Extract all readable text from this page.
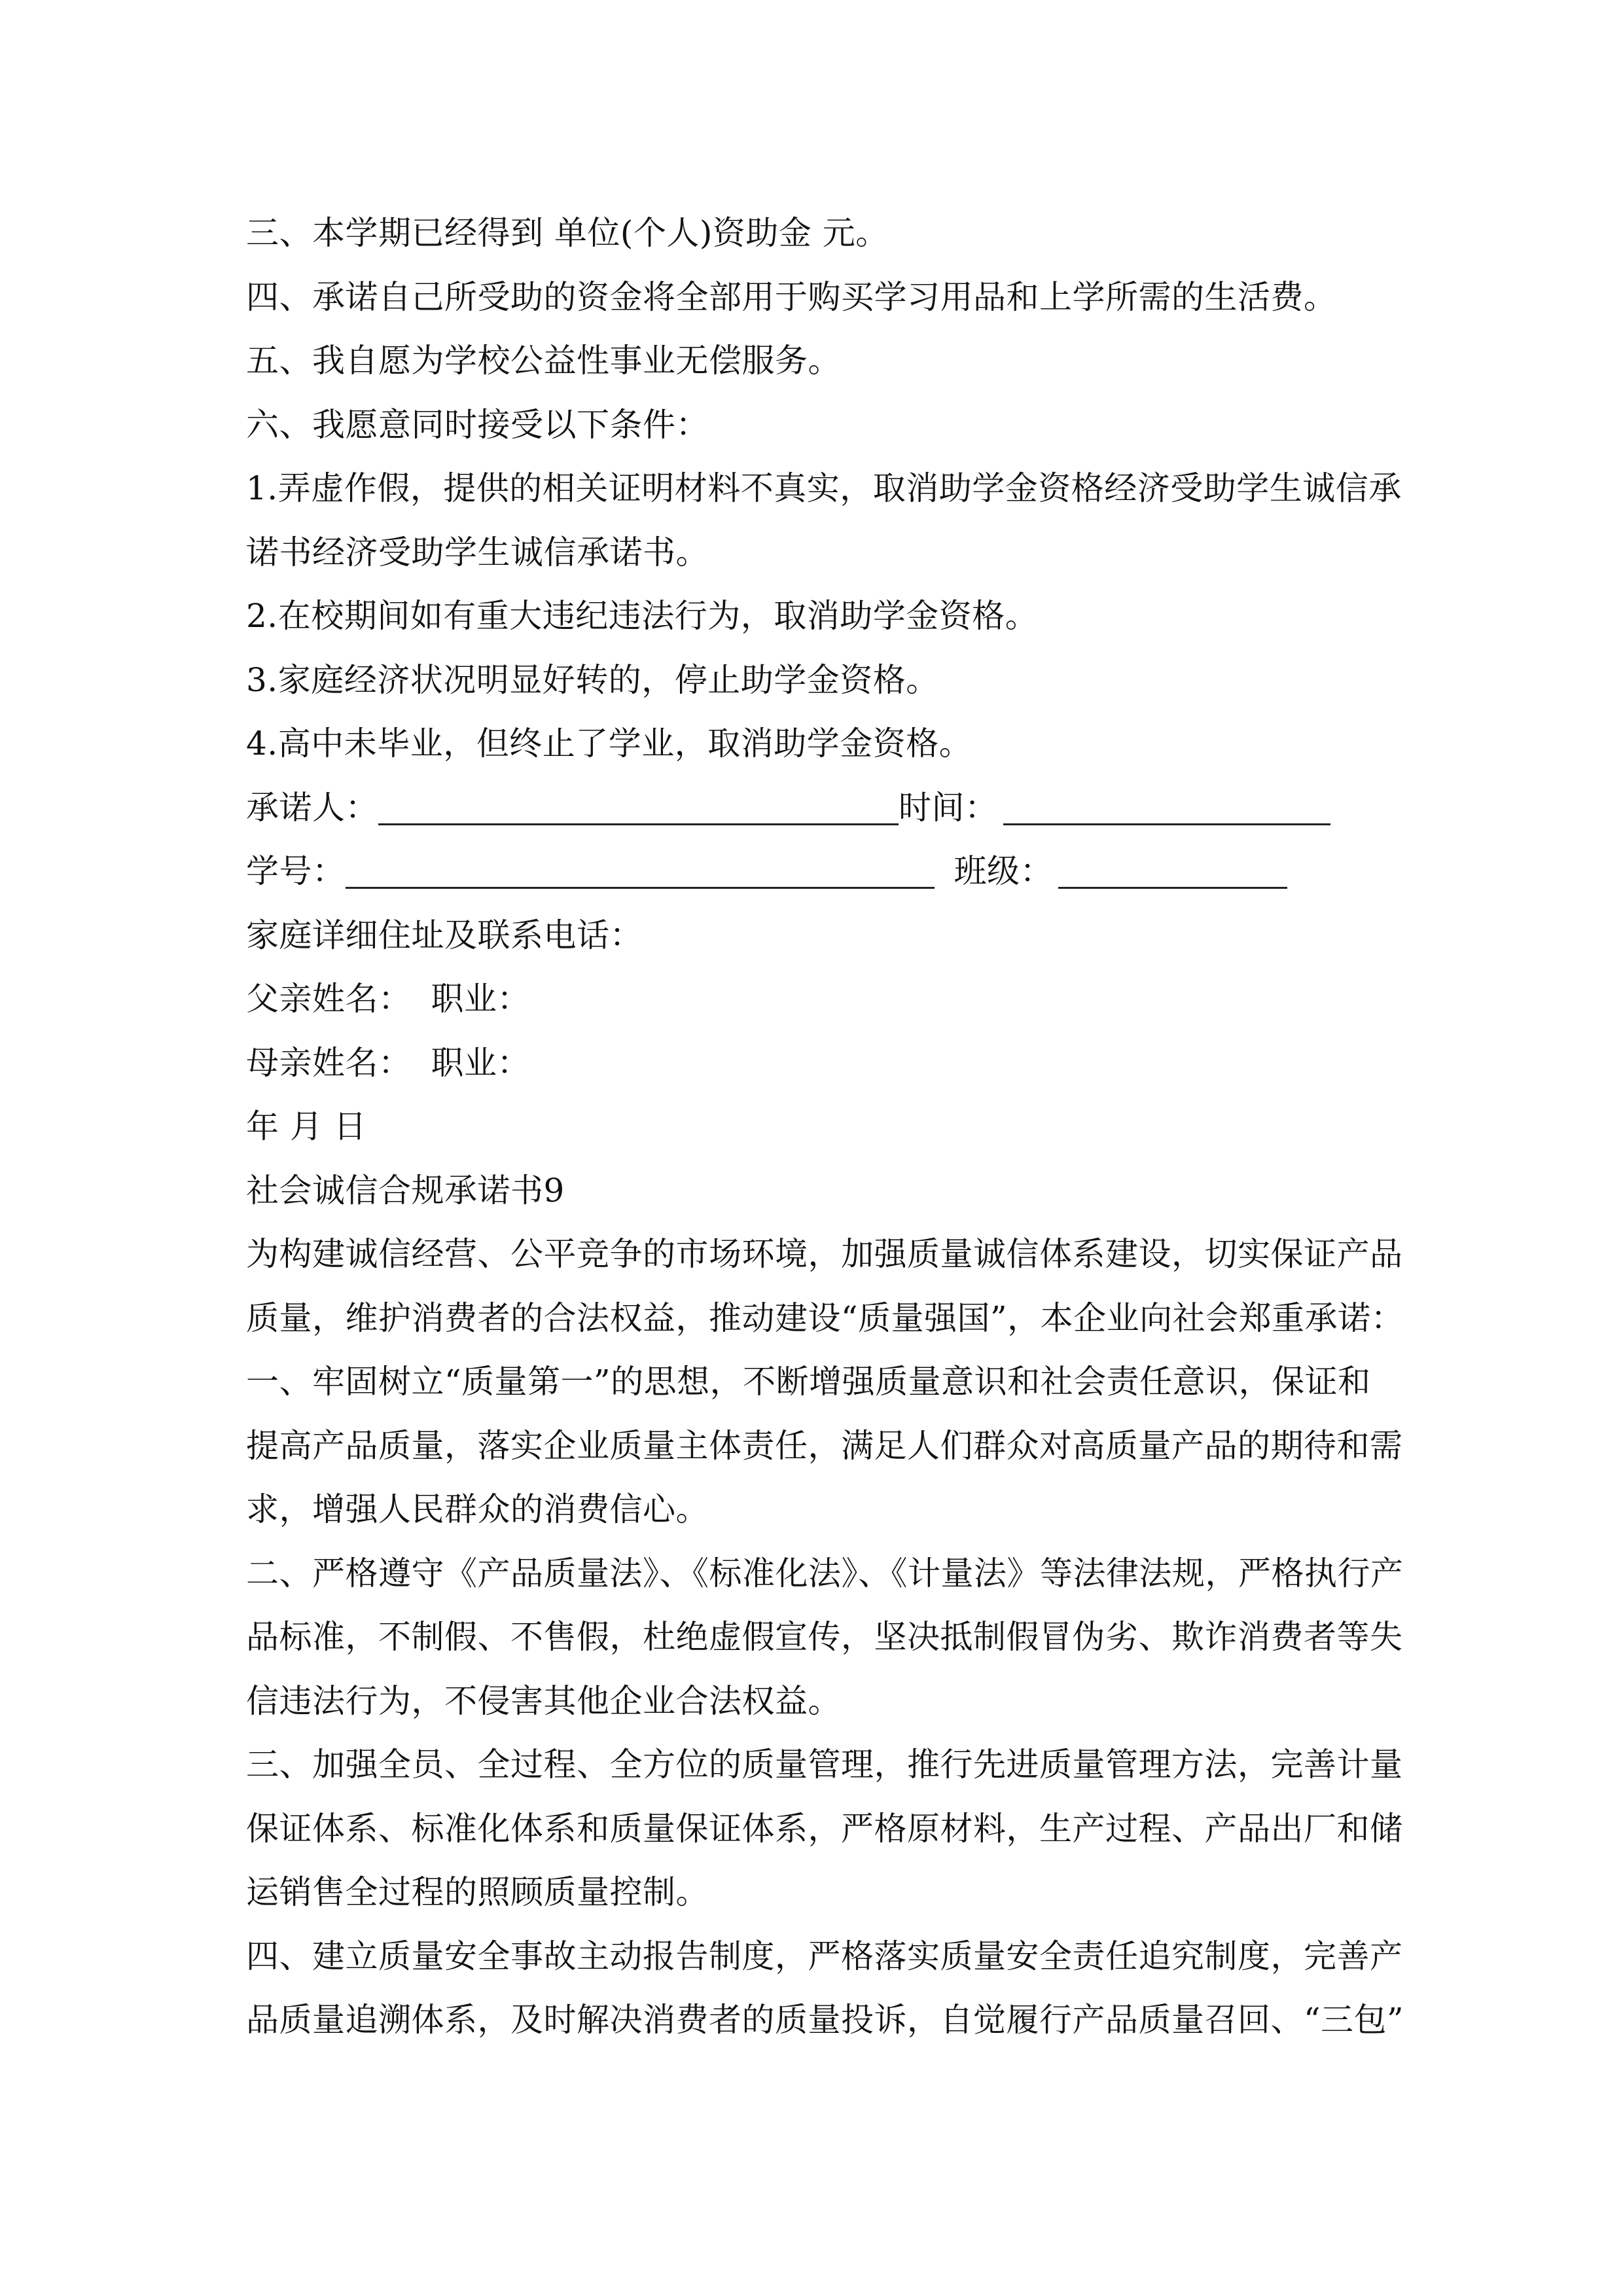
三、本学期已经得到 单位(个人)资助金 元。
四、承诺自己所受助的资金将全部用于购买学习用品和上学所需的生活费。
五、我自愿为学校公益性事业无偿服务。
六、我愿意同时接受以下条件：
1.弄虚作假，提供的相关证明材料不真实，取消助学金资格经济受助学生诚信承
诺书经济受助学生诚信承诺书。
2.在校期间如有重大违纪违法行为，取消助学金资格。
3.家庭经济状况明显好转的，停止助学金资格。
4.高中未毕业，但终止了学业，取消助学金资格。
承诺人：	时间：
学号：	班级：
家庭详细住址及联系电话：
父亲姓名： 职业：
母亲姓名： 职业：
年 月 日
社会诚信合规承诺书9
为构建诚信经营、公平竞争的市场环境，加强质量诚信体系建设，切实保证产品
质量，维护消费者的合法权益，推动建设“质量强国”，本企业向社会郑重承诺：
一、牢固树立“质量第一”的思想，不断增强质量意识和社会责任意识，保证和
提高产品质量，落实企业质量主体责任，满足人们群众对高质量产品的期待和需
求，增强人民群众的消费信心。
二、严格遵守《产品质量法》、《标准化法》、《计量法》等法律法规，严格执行产
品标准，不制假、不售假，杜绝虚假宣传，坚决抵制假冒伪劣、欺诈消费者等失
信违法行为，不侵害其他企业合法权益。
三、加强全员、全过程、全方位的质量管理，推行先进质量管理方法，完善计量
保证体系、标准化体系和质量保证体系，严格原材料，生产过程、产品出厂和储
运销售全过程的照顾质量控制。
四、建立质量安全事故主动报告制度，严格落实质量安全责任追究制度，完善产
品质量追溯体系，及时解决消费者的质量投诉，自觉履行产品质量召回、“三包”
